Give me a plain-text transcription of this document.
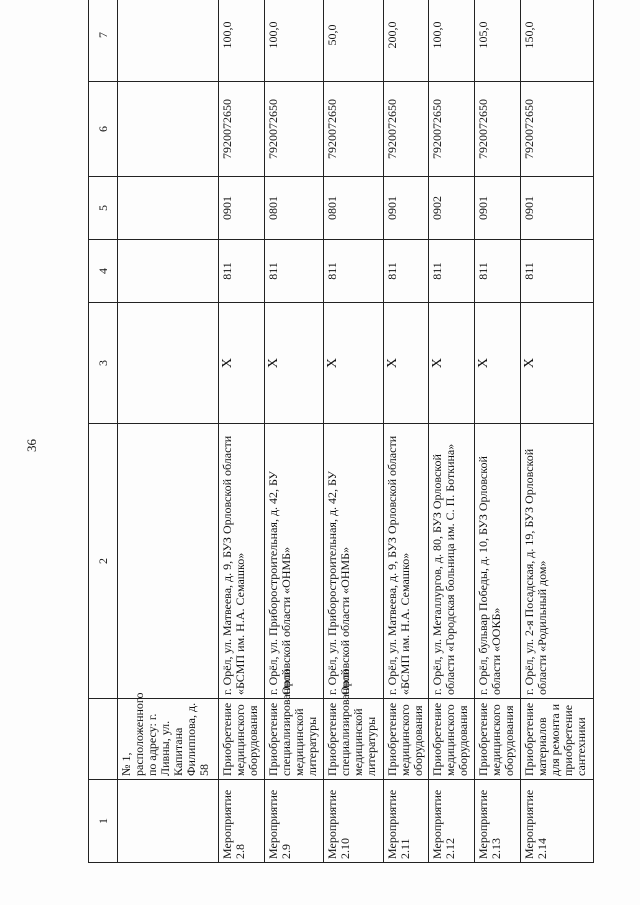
36
1		2	3	4	5	6	7
	№ 1, расположенного по адресу: г. Ливны, ул. Капитана Филиппова, д. 58						
Мероприятие 2.8	Приобретение медицинского оборудования	г. Орёл, ул. Матвеева, д. 9, БУЗ Орловской области «БСМП им. Н.А. Семашко»	Х	811	0901	7920072650	100,0
Мероприятие 2.9	Приобретение специализированной медицинской литературы	г. Орёл, ул. Приборостроительная, д. 42, БУ Орловской области «ОНМБ»	Х	811	0801	7920072650	100,0
Мероприятие 2.10	Приобретение специализированной медицинской литературы	г. Орёл, ул. Приборостроительная, д. 42, БУ Орловской области «ОНМБ»	Х	811	0801	7920072650	50,0
Мероприятие 2.11	Приобретение медицинского оборудования	г. Орёл, ул. Матвеева, д. 9, БУЗ Орловской области «БСМП им. Н.А. Семашко»	Х	811	0901	7920072650	200,0
Мероприятие 2.12	Приобретение медицинского оборудования	г. Орёл, ул. Металлургов, д. 80, БУЗ Орловской области «Городская больница им. С. П. Боткина»	Х	811	0902	7920072650	100,0
Мероприятие 2.13	Приобретение медицинского оборудования	г. Орёл, бульвар Победы, д. 10, БУЗ Орловской области «ООКБ»	Х	811	0901	7920072650	105,0
Мероприятие 2.14	Приобретение материалов для ремонта и приобретение сантехники	г. Орёл, ул. 2-я Посадская, д. 19, БУЗ Орловской области «Родильный дом»	Х	811	0901	7920072650	150,0
